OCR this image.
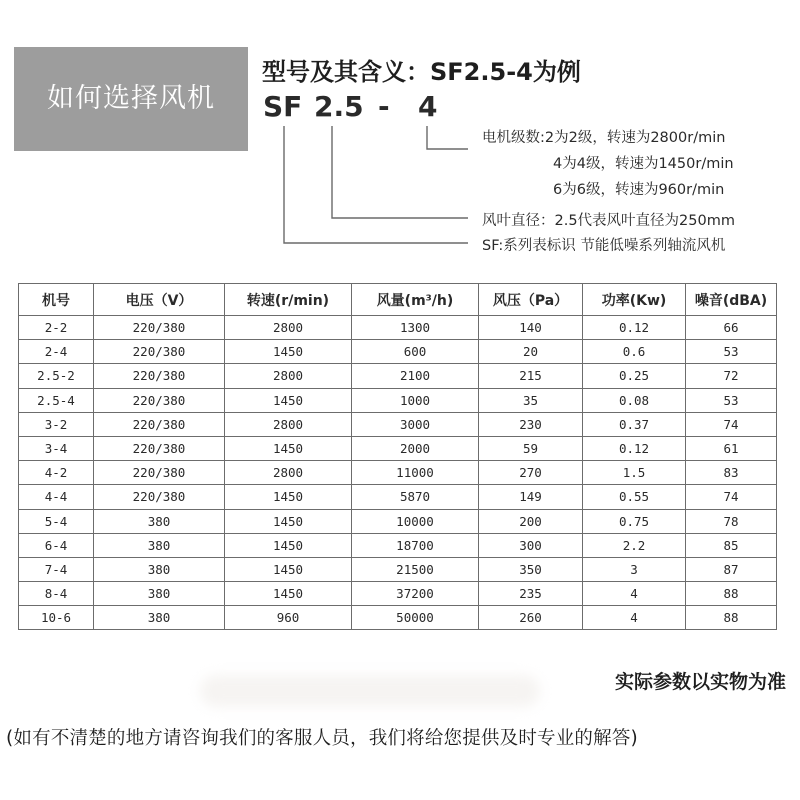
如何选择风机
型号及其含义：SF2.5-4为例
SF 2.5 - 4
电机级数:2为2级，转速为2800r/min
4为4级，转速为1450r/min
6为6级，转速为960r/min
风叶直径：2.5代表风叶直径为250mm
SF:系列表标识 节能低噪系列轴流风机
机号	电压（V）	转速(r/min)	风量(m³/h)	风压（Pa）	功率(Kw)	噪音(dBA)
2-2	220/380	2800	1300	140	0.12	66
2-4	220/380	1450	600	20	0.6	53
2.5-2	220/380	2800	2100	215	0.25	72
2.5-4	220/380	1450	1000	35	0.08	53
3-2	220/380	2800	3000	230	0.37	74
3-4	220/380	1450	2000	59	0.12	61
4-2	220/380	2800	11000	270	1.5	83
4-4	220/380	1450	5870	149	0.55	74
5-4	380	1450	10000	200	0.75	78
6-4	380	1450	18700	300	2.2	85
7-4	380	1450	21500	350	3	87
8-4	380	1450	37200	235	4	88
10-6	380	960	50000	260	4	88
实际参数以实物为准
(如有不清楚的地方请咨询我们的客服人员，我们将给您提供及时专业的解答)
